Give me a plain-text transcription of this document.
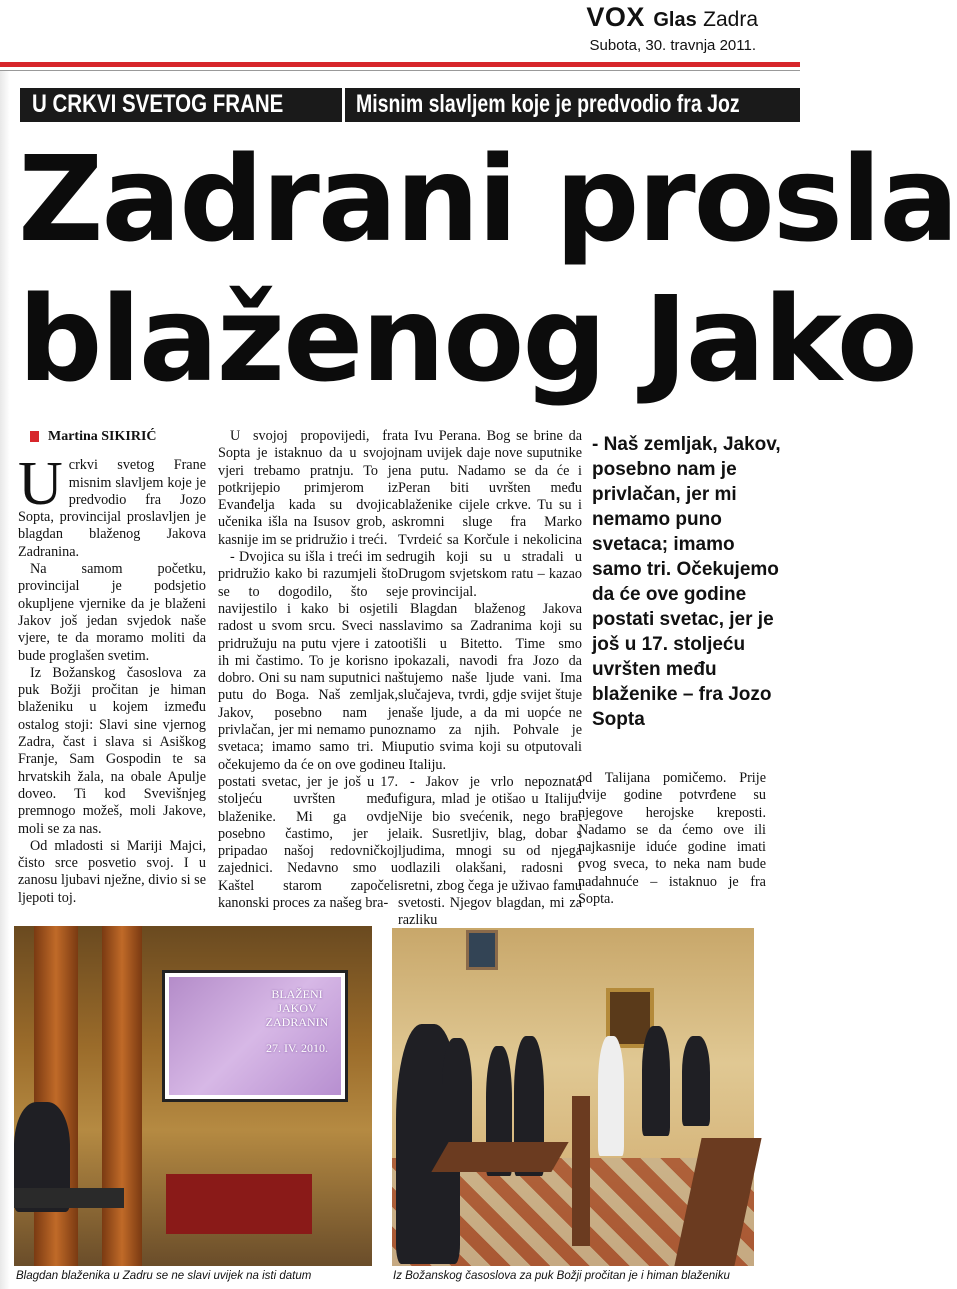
VOX Glas Zadra
Subota, 30. travnja 2011.
U CRKVI SVETOG FRANE	Misnim slavljem koje je predvodio fra Joz
Zadrani prosla
blaženog Jako
Martina SIKIRIĆ

Ucrkvi svetog Frane misnim slavljem koje je predvodio fra Jozo Sopta, provincijal proslavljen je blagdan blaženog Jakova Zadranina.

Na samom početku, provincijal je podsjetio okupljene vjernike da je blaženi Jakov još jedan svjedok naše vjere, te da moramo moliti da bude proglašen svetim.

Iz Božanskog časoslova za puk Božji pročitan je himan blaženiku u kojem između ostalog stoji: Slavi sine vjernog Zadra, čast i slava si Asiškog Franje, Sam Gospodin te sa hrvatskih žala, na obale Apulje doveo. Ti kod Svevišnjeg premnogo možeš, moli Jakove, moli se za nas.

Od mladosti si Mariji Majci, čisto srce posvetio svoj. I u zanosu ljubavi nježne, divio si se ljepoti toj.

U svojoj propovijedi, fra Sopta je istaknuo da u svojoj vjeri trebamo pratnju. To je potkrijepio primjerom iz Evanđelja kada su dvojica učenika išla na Isusov grob, a kasnije im se pridružio i treći.

- Dvojica su išla i treći im se pridružio kako bi razumjeli što se to dogodilo, što se navijestilo i kako bi osjetili radost u svom srcu. Sveci nas pridružuju na putu vjere i zato ih mi častimo. To je korisno i dobro. Oni su nam suputnici na putu do Boga. Naš zemljak, Jakov, posebno nam je privlačan, jer mi nemamo puno svetaca; imamo samo tri. Mi očekujemo da će on ove godine postati svetac, jer je još u 17. stoljeću uvršten među blaženike. Mi ga ovdje posebno častimo, jer je pripadao našoj redovničkoj zajednici. Nedavno smo u Kaštel starom započeli kanonski proces za našeg bra-

ta Ivu Perana. Bog se brine da nam uvijek daje nove suputnike na putu. Nadamo se da će i Peran biti uvršten među blaženike cijele crkve. Tu su i skromni sluge fra Marko Tvrdeić sa Korčule i nekolicina drugih koji su u stradali u Drugom svjetskom ratu – kazao je provincijal.

Blagdan blaženog Jakova slavimo sa Zadranima koji su otišli u Bitetto. Time smo pokazali, navodi fra Jozo da štujemo naše ljude vani. Ima slučajeva, tvrdi, gdje svijet štuje naše ljude, a da mi uopće ne znamo za njih. Pohvale je uputio svima koji su otputovali u Italiju.

- Jakov je vrlo nepoznata figura, mlad je otišao u Italiju. Nije bio svećenik, nego brat laik. Susretljiv, blag, dobar s ljudima, mnogi su od njega odlazili olakšani, radosni i sretni, zbog čega je uživao famu svetosti. Njegov blagdan, mi za razliku

- Naš zemljak, Jakov, posebno nam je privlačan, jer mi nemamo puno svetaca; imamo samo tri. Očekujemo da će ove godine postati svetac, jer je još u 17. stoljeću uvršten među blaženike – fra Jozo Sopta

od Talijana pomičemo. Prije dvije godine potvrđene su njegove herojske kreposti. Nadamo se da ćemo ove ili najkasnije iduće godine imati ovog sveca, to neka nam bude nadahnuće – istaknuo je fra Sopta.

BLAŽENI
JAKOV
ZADRANIN
27. IV. 2010.
Blagdan blaženika u Zadru se ne slavi uvijek na isti datum	Iz Božanskog časoslova za puk Božji pročitan je i himan blaženiku
